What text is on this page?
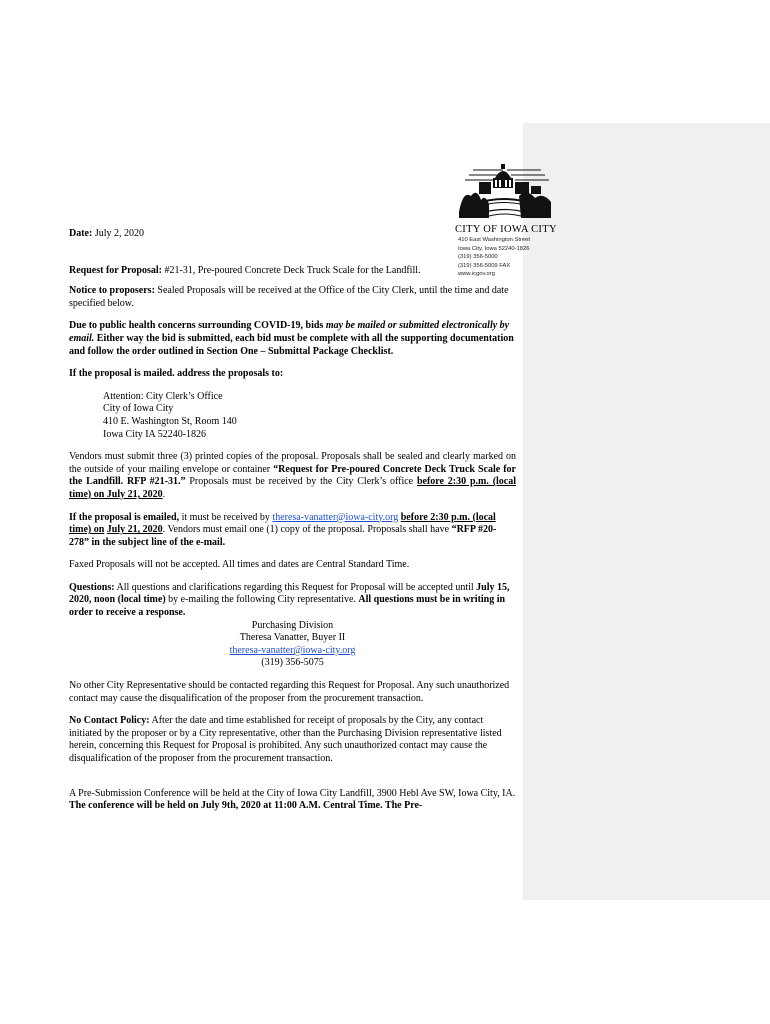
CITY OF IOWA CITY
410 East Washington Street
Iowa City, Iowa 52240-1826
(319) 356-5000
(319) 356-5009 FAX
www.icgov.org

Date: July 2, 2020

Request for Proposal: #21-31, Pre-poured Concrete Deck Truck Scale for the Landfill.

Notice to proposers: Sealed Proposals will be received at the Office of the City Clerk, until the time and date specified below.

Due to public health concerns surrounding COVID-19, bids may be mailed or submitted electronically by email. Either way the bid is submitted, each bid must be complete with all the supporting documentation and follow the order outlined in Section One – Submittal Package Checklist.

If the proposal is mailed. address the proposals to:

Attention: City Clerk’s Office

City of Iowa City

410 E. Washington St, Room 140

Iowa City IA 52240-1826

Vendors must submit three (3) printed copies of the proposal. Proposals shall be sealed and clearly marked on the outside of your mailing envelope or container “Request for Pre-poured Concrete Deck Truck Scale for the Landfill. RFP #21-31.” Proposals must be received by the City Clerk’s office before 2:30 p.m. (local time) on July 21, 2020.

If the proposal is emailed, it must be received by theresa-vanatter@iowa-city.org before 2:30 p.m. (local time) on July 21, 2020. Vendors must email one (1) copy of the proposal. Proposals shall have “RFP #20-278” in the subject line of the e-mail.

Faxed Proposals will not be accepted. All times and dates are Central Standard Time.

Questions: All questions and clarifications regarding this Request for Proposal will be accepted until July 15, 2020, noon (local time) by e-mailing the following City representative. All questions must be in writing in order to receive a response.

Purchasing Division

Theresa Vanatter, Buyer II

theresa-vanatter@iowa-city.org

(319) 356-5075

No other City Representative should be contacted regarding this Request for Proposal. Any such unauthorized contact may cause the disqualification of the proposer from the procurement transaction.

No Contact Policy: After the date and time established for receipt of proposals by the City, any contact initiated by the proposer or by a City representative, other than the Purchasing Division representative listed herein, concerning this Request for Proposal is prohibited. Any such unauthorized contact may cause the disqualification of the proposer from the procurement transaction.

A Pre-Submission Conference will be held at the City of Iowa City Landfill, 3900 Hebl Ave SW, Iowa City, IA. The conference will be held on July 9th, 2020 at 11:00 A.M. Central Time. The Pre-
